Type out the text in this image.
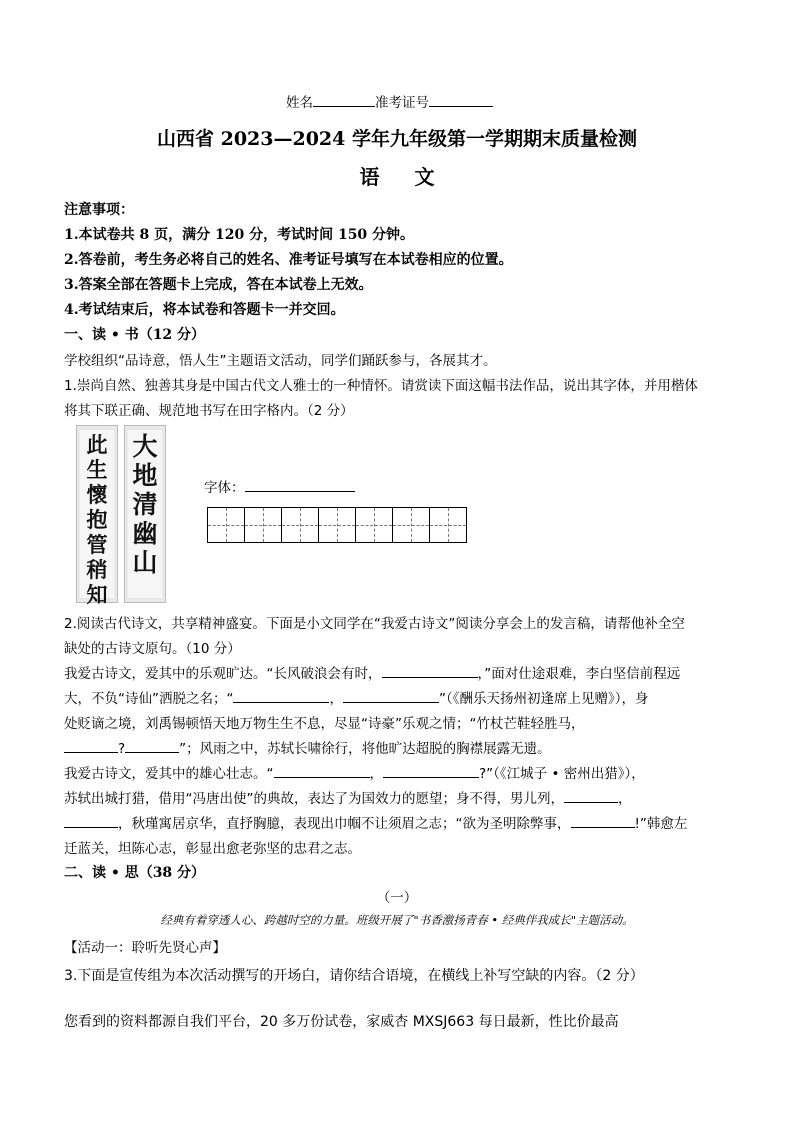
姓名	准考证号
山西省 2023—2024 学年九年级第一学期期末质量检测
语 文
注意事项：
1.本试卷共 8 页，满分 120 分，考试时间 150 分钟。
2.答卷前，考生务必将自己的姓名、准考证号填写在本试卷相应的位置。
3.答案全部在答题卡上完成，答在本试卷上无效。
4.考试结束后，将本试卷和答题卡一并交回。
一、读 • 书（12 分）
学校组织“品诗意，悟人生”主题语文活动，同学们踊跃参与，各展其才。
1.崇尚自然、独善其身是中国古代文人雅士的一种情怀。请赏读下面这幅书法作品，说出其字体，并用楷体
将其下联正确、规范地书写在田字格内。（2 分）
此生懷抱管稍知
大地清幽山
字体：
2.阅读古代诗文，共享精神盛宴。下面是小文同学在“我爱古诗文”阅读分享会上的发言稿，请帮他补全空
缺处的古诗文原句。（10 分）
我爱古诗文，爱其中的乐观旷达。“长风破浪会有时，	，”面对仕途艰难，李白坚信前程远
大，不负“诗仙”洒脱之名；“	，	”（《酬乐天扬州初逢席上见赠》），身
处贬谪之境，刘禹锡顿悟天地万物生生不息，尽显“诗豪”乐观之情；“竹杖芒鞋轻胜马，
?	”；风雨之中，苏轼长啸徐行，将他旷达超脱的胸襟展露无遗。
我爱古诗文，爱其中的雄心壮志。“	，	?”（《江城子 • 密州出猎》），
苏轼出城打猎，借用“冯唐出使”的典故，表达了为国效力的愿望；身不得，男儿列，	，
，秋瑾寓居京华，直抒胸臆，表现出巾帼不让须眉之志；“欲为圣明除弊事，	!”韩愈左
迁蓝关，坦陈心志，彰显出愈老弥坚的忠君之志。
二、读 • 思（38 分）
（一）
经典有着穿透人心、跨越时空的力量。班级开展了"书香激扬青春 • 经典伴我成长"主题活动。
【活动一：聆听先贤心声】
3.下面是宣传组为本次活动撰写的开场白，请你结合语境，在横线上补写空缺的内容。（2 分）
您看到的资料都源自我们平台，20 多万份试卷，家威杏 MXSJ663 每日最新，性比价最高
